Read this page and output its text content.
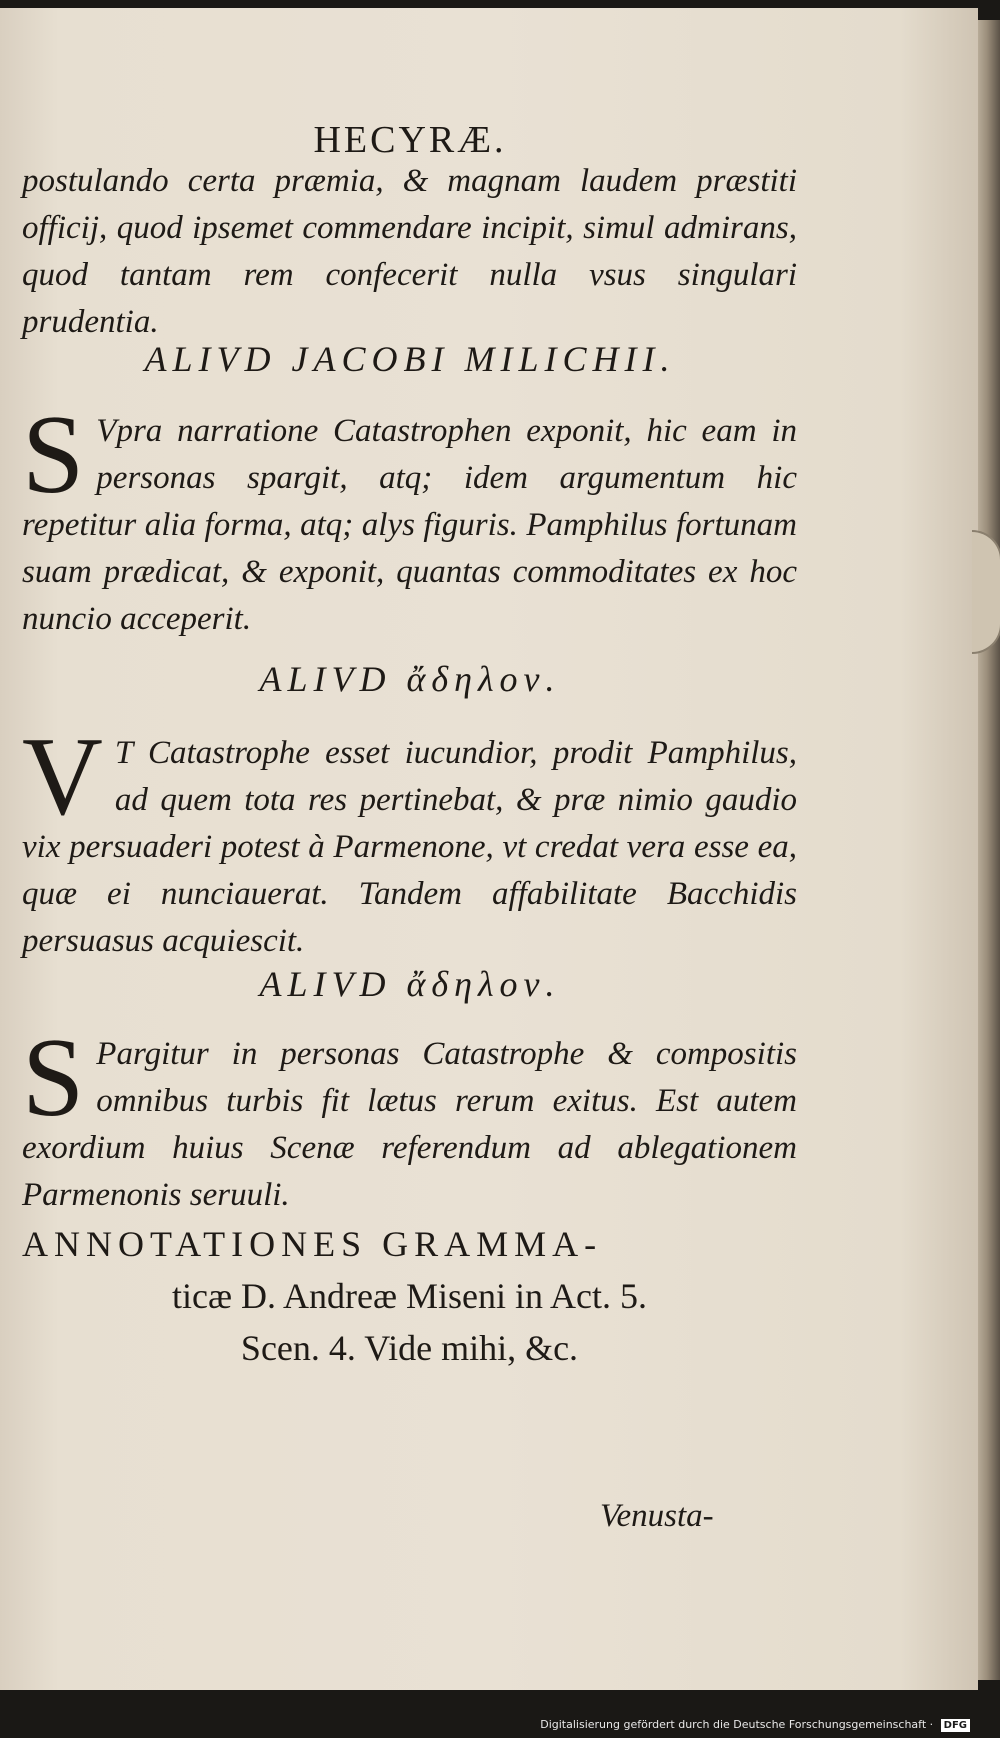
HECYRÆ.

postulando certa præmia, & magnam laudem præstiti officij, quod ipsemet commendare incipit, simul admirans, quod tantam rem confecerit nulla vsus singulari prudentia.

ALIVD JACOBI MILICHII.
S Vpra narratione Catastrophen exponit, hic eam in personas spargit, atq; idem argumentum hic repetitur alia forma, atq; alys figuris. Pamphilus fortunam suam prædicat, & exponit, quantas commoditates ex hoc nuncio acceperit.

ALIVD ἄδηλον.
V T Catastrophe esset iucundior, prodit Pamphilus, ad quem tota res pertinebat, & præ nimio gaudio vix persuaderi potest à Parmenone, vt credat vera esse ea, quæ ei nunciauerat. Tandem affabilitate Bacchidis persuasus acquiescit.

ALIVD ἄδηλον.
S Pargitur in personas Catastrophe & compositis omnibus turbis fit lætus rerum exitus. Est autem exordium huius Scenæ referendum ad ablegationem Parmenonis seruuli.

ANNOTATIONES GRAMMA-
ticæ D. Andreæ Miseni in Act. 5.
Scen. 4. Vide mihi, &c.
Venusta-
Digitalisierung gefördert durch die Deutsche Forschungsgemeinschaft · DFG
